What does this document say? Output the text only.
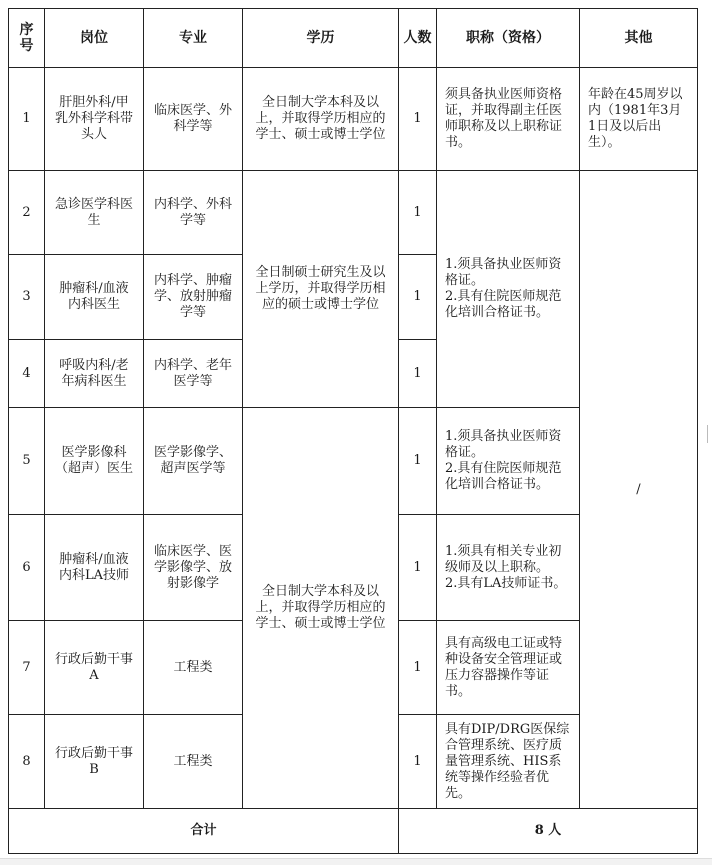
序号	岗位	专业	学历	人数	职称（资格）	其他
1	肝胆外科/甲乳外科学科带头人	临床医学、外科学等	全日制大学本科及以上，并取得学历相应的学士、硕士或博士学位	1	须具备执业医师资格证，并取得副主任医师职称及以上职称证书。	年龄在45周岁以内（1981年3月1日及以后出生）。
2	急诊医学科医生	内科学、外科学等	全日制硕士研究生及以上学历，并取得学历相应的硕士或博士学位	1	1.须具备执业医师资格证。
2.具有住院医师规范化培训合格证书。	/
3	肿瘤科/血液内科医生	内科学、肿瘤学、放射肿瘤学等		1		
4	呼吸内科/老年病科医生	内科学、老年医学等		1		
5	医学影像科（超声）医生	医学影像学、超声医学等	全日制大学本科及以上，并取得学历相应的学士、硕士或博士学位	1	1.须具备执业医师资格证。
2.具有住院医师规范化培训合格证书。	
6	肿瘤科/血液内科LA技师	临床医学、医学影像学、放射影像学		1	1.须具有相关专业初级师及以上职称。
2.具有LA技师证书。	
7	行政后勤干事A	工程类		1	具有高级电工证或特种设备安全管理证或压力容器操作等证书。	
8	行政后勤干事B	工程类		1	具有DIP/DRG医保综合管理系统、医疗质量管理系统、HIS系统等操作经验者优先。	
合计				8 人		
